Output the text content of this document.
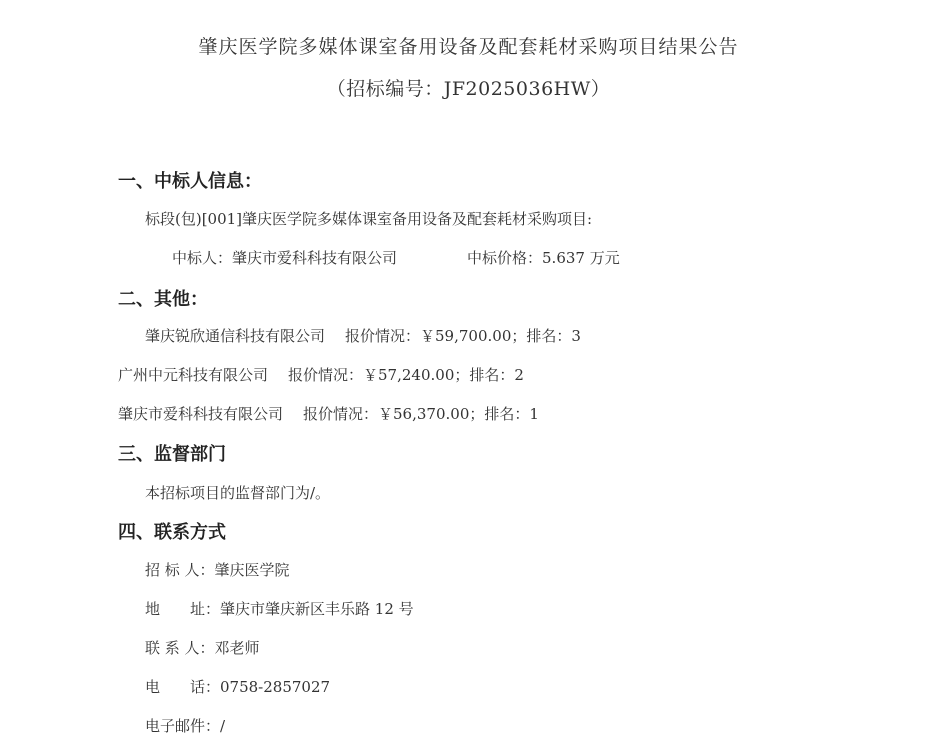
肇庆医学院多媒体课室备用设备及配套耗材采购项目结果公告
（招标编号：JF2025036HW）
一、中标人信息：
标段(包)[001]肇庆医学院多媒体课室备用设备及配套耗材采购项目:
中标人：肇庆市爱科科技有限公司	中标价格：5.637 万元
二、其他：
肇庆锐欣通信科技有限公司 报价情况：￥59,700.00；排名：3
广州中元科技有限公司 报价情况：￥57,240.00；排名：2
肇庆市爱科科技有限公司 报价情况：￥56,370.00；排名：1
三、监督部门
本招标项目的监督部门为/。
四、联系方式
招 标 人：肇庆医学院
地　　址：肇庆市肇庆新区丰乐路 12 号
联 系 人：邓老师
电　　话：0758-2857027
电子邮件：/
